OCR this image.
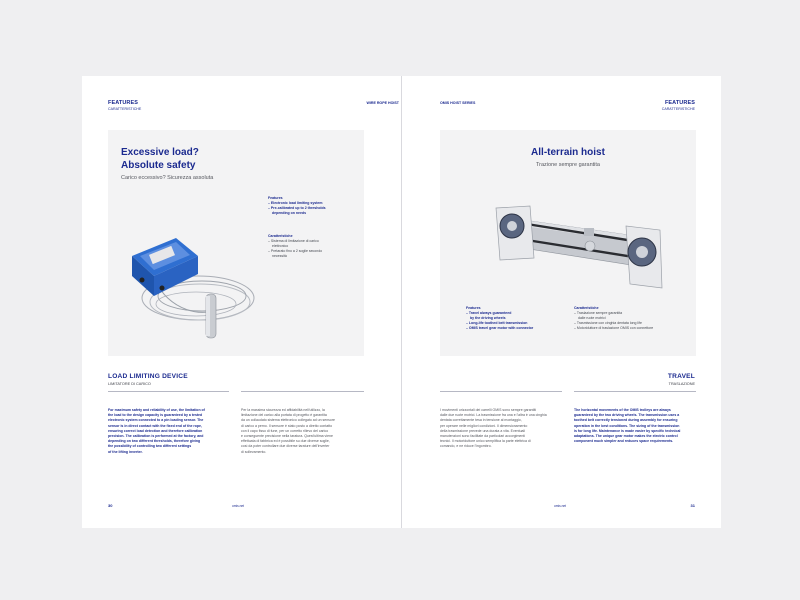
FEATURES
CARATTERISTICHE
WIRE ROPE HOIST
Excessive load?
Absolute safety
Carico eccessivo? Sicurezza assoluta
Features
– Electronic load limiting system
– Pre-calibrated up to 2 thresholds
depending on needs
Caratteristiche
– Sistema di limitazione di carico
elettronico
– Pretarato fino a 2 soglie secondo
necessità
LOAD LIMITING DEVICE
LIMITATORE DI CARICO
For maximum safety and reliability of use, the limitation of
the load to the design capacity is guaranteed by a tested
electronic system connected to a pin loading sensor. The
sensor is in direct contact with the fixed end of the rope,
ensuring correct load detection and therefore calibration
precision. The calibration is performed at the factory, and
depending on two different thresholds, therefore giving
the possibility of controlling two different settings
of the lifting inverter.
Per la massima sicurezza ed affidabilità nell'utilizzo, la
limitazione del carico alla portata di progetto è garantita
da un collaudato sistema elettronico collegato ad un sensore
di carico a perno. Il sensore è stato posto a diretto contatto
con il capo fisso di fune, per un corretto rilievo del carico
e conseguente precisione nella taratura. Quest'ultima viene
effettuata di fabbrica ed è possibile su due diverse soglie,
così da poter controllare due diverse tarature dell'inverter
di sollevamento.
30	omis.net
OMIS HOIST SERIES	FEATURES
CARATTERISTICHE
All-terrain hoist
Trazione sempre garantita
Features
– Travel always guaranteed
by the driving wheels
– Long-life toothed belt transmission
– OMIS travel gear motor with connector
Caratteristiche
– Traslazione sempre garantita
dalle ruote motrici
– Trasmissione con cinghia dentata long life
– Motoriduttore di traslazione OMIS con connettore
TRAVEL
TRASLAZIONE
I movimenti orizzontali dei carrelli OMIS sono sempre garantiti
dalle due ruote motrici. La trasmissione fra una e l'altra è una cinghia
dentata correttamente tesa in tensione al montaggio,
per operare nelle migliori condizioni. Il dimensionamento
della trasmissione prevede una durata a vita. Eventuali
manutenzioni sono facilitate da particolari accorgimenti
tecnici. Il motoriduttore unico semplifica la parte elettrica di
comando, e ne riduce l'ingombro.
The horizontal movements of the OMIS trolleys are always
guaranteed by the two driving wheels. The transmission uses a
toothed belt correctly tensioned during assembly for ensuring
operation in the best conditions. The sizing of the transmission
is for long life. Maintenance is made easier by specific technical
adaptations. The unique gear motor makes the electric control
component much simpler and reduces space requirements.
omis.net	31
